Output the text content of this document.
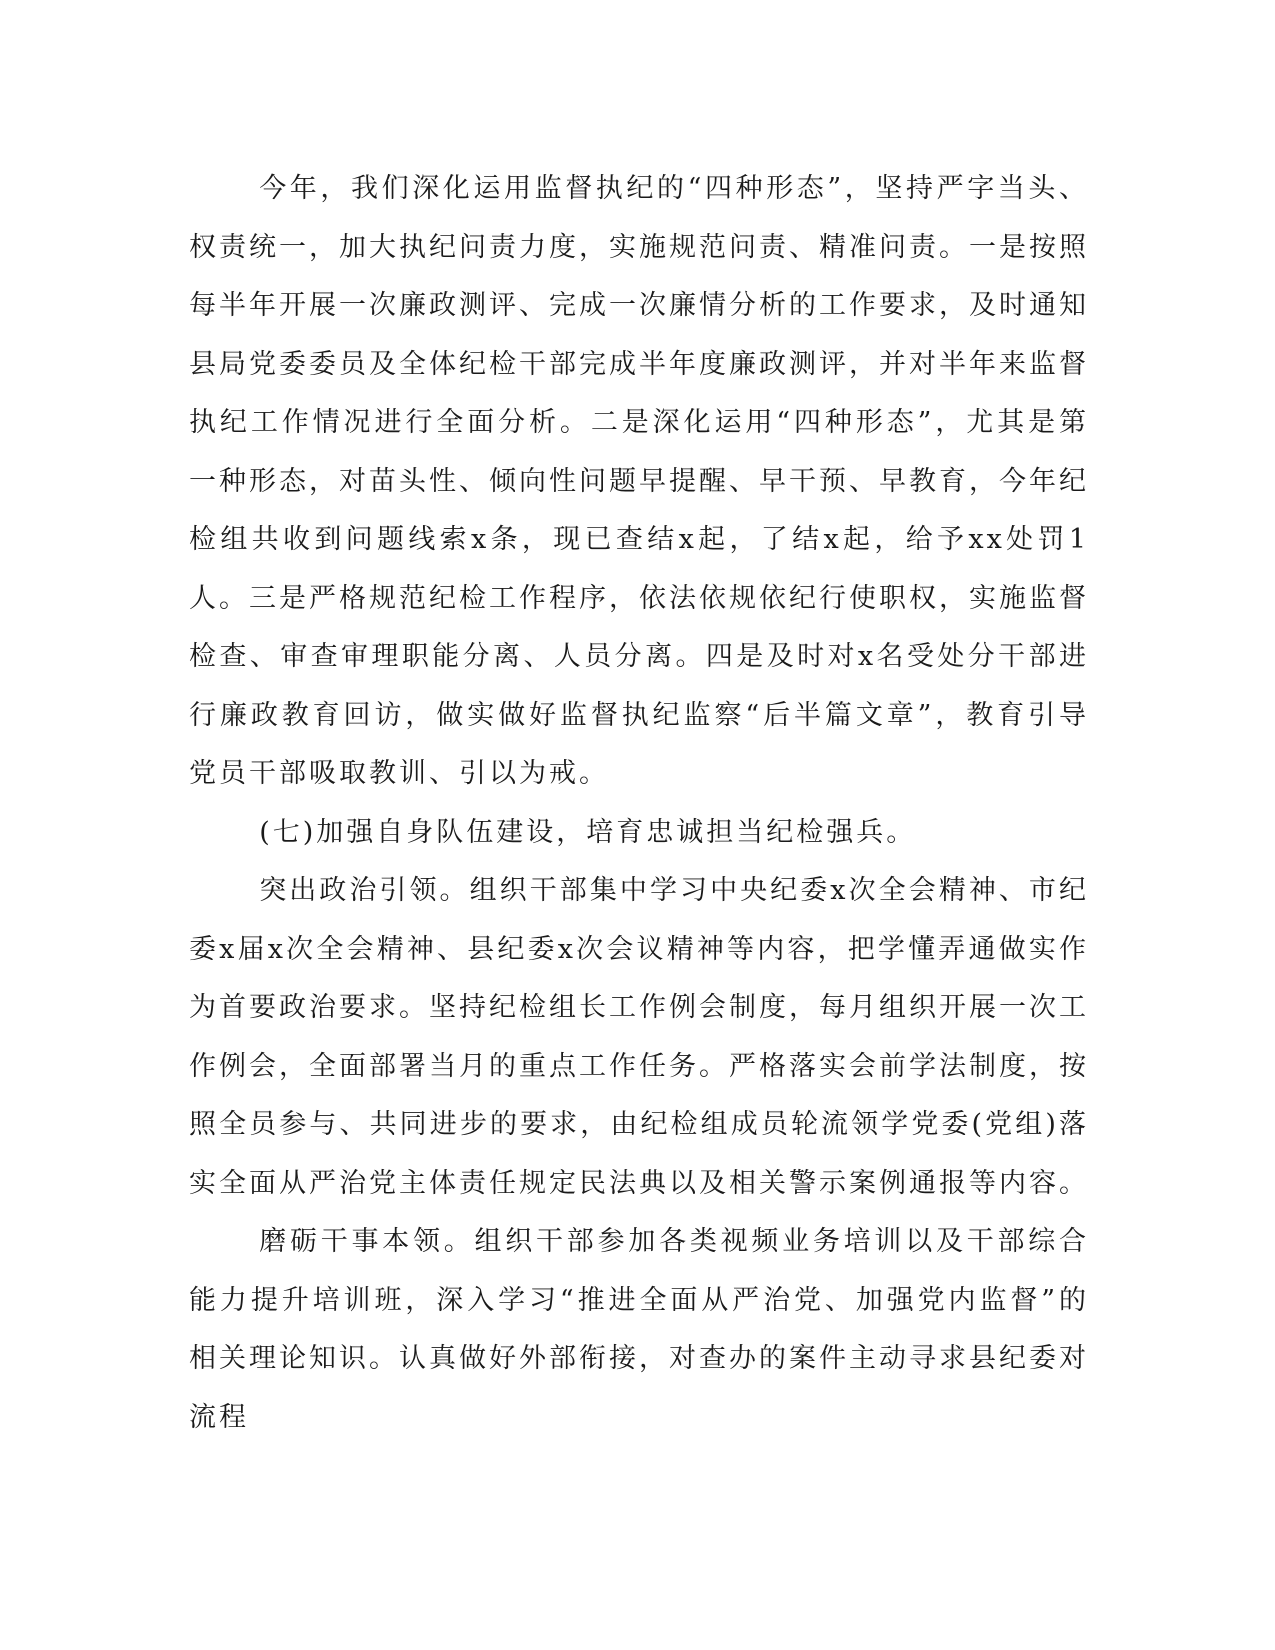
今年，我们深化运用监督执纪的“四种形态”，坚持严字当头、权责统一，加大执纪问责力度，实施规范问责、精准问责。一是按照每半年开展一次廉政测评、完成一次廉情分析的工作要求，及时通知县局党委委员及全体纪检干部完成半年度廉政测评，并对半年来监督执纪工作情况进行全面分析。二是深化运用“四种形态”，尤其是第一种形态，对苗头性、倾向性问题早提醒、早干预、早教育，今年纪检组共收到问题线索x条，现已查结x起，了结x起，给予xx处罚1人。三是严格规范纪检工作程序，依法依规依纪行使职权，实施监督检查、审查审理职能分离、人员分离。四是及时对x名受处分干部进行廉政教育回访，做实做好监督执纪监察“后半篇文章”，教育引导党员干部吸取教训、引以为戒。

(七)加强自身队伍建设，培育忠诚担当纪检强兵。

突出政治引领。组织干部集中学习中央纪委x次全会精神、市纪委x届x次全会精神、县纪委x次会议精神等内容，把学懂弄通做实作为首要政治要求。坚持纪检组长工作例会制度，每月组织开展一次工作例会，全面部署当月的重点工作任务。严格落实会前学法制度，按照全员参与、共同进步的要求，由纪检组成员轮流领学党委(党组)落实全面从严治党主体责任规定民法典以及相关警示案例通报等内容。

磨砺干事本领。组织干部参加各类视频业务培训以及干部综合能力提升培训班，深入学习“推进全面从严治党、加强党内监督”的相关理论知识。认真做好外部衔接，对查办的案件主动寻求县纪委对流程
